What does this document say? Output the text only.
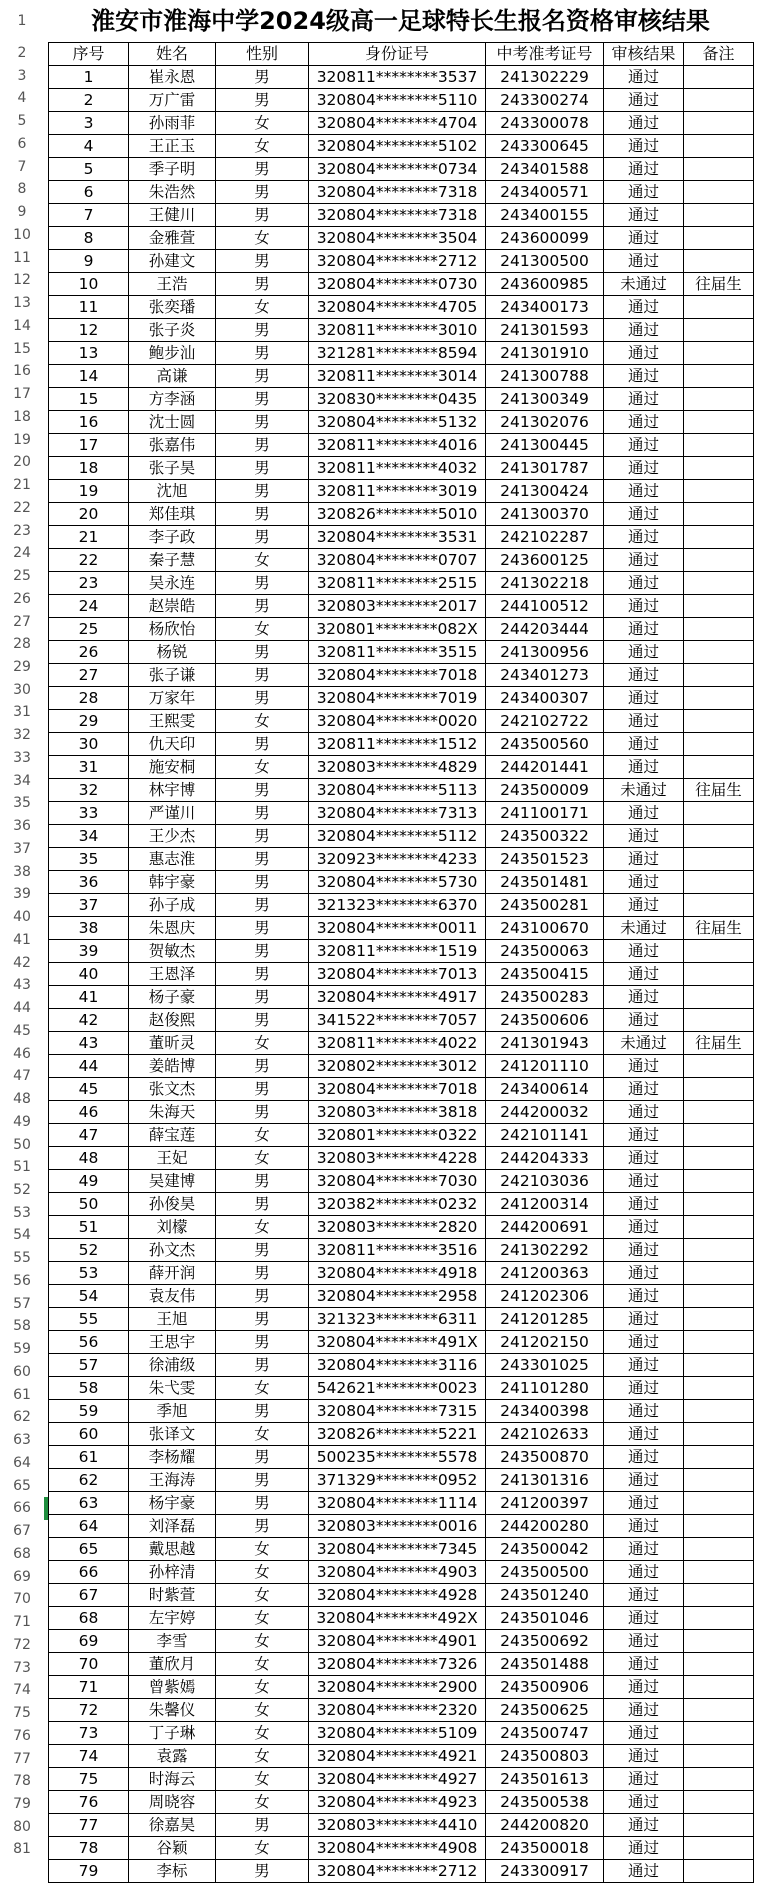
1
2
3
4
5
6
7
8
9
10
11
12
13
14
15
16
17
18
19
20
21
22
23
24
25
26
27
28
29
30
31
32
33
34
35
36
37
38
39
40
41
42
43
44
45
46
47
48
49
50
51
52
53
54
55
56
57
58
59
60
61
62
63
64
65
66
67
68
69
70
71
72
73
74
75
76
77
78
79
80
81
淮安市淮海中学2024级高一足球特长生报名资格审核结果
序号	姓名	性别	身份证号	中考准考证号	审核结果	备注
1	崔永恩	男	320811********3537	241302229	通过	
2	万广雷	男	320804********5110	243300274	通过	
3	孙雨菲	女	320804********4704	243300078	通过	
4	王正玉	女	320804********5102	243300645	通过	
5	季子明	男	320804********0734	243401588	通过	
6	朱浩然	男	320804********7318	243400571	通过	
7	王健川	男	320804********7318	243400155	通过	
8	金雅萱	女	320804********3504	243600099	通过	
9	孙建文	男	320804********2712	241300500	通过	
10	王浩	男	320804********0730	243600985	未通过	往届生
11	张奕璠	女	320804********4705	243400173	通过	
12	张子炎	男	320811********3010	241301593	通过	
13	鲍步汕	男	321281********8594	241301910	通过	
14	高谦	男	320811********3014	241300788	通过	
15	方李涵	男	320830********0435	241300349	通过	
16	沈士圆	男	320804********5132	241302076	通过	
17	张嘉伟	男	320811********4016	241300445	通过	
18	张子昊	男	320811********4032	241301787	通过	
19	沈旭	男	320811********3019	241300424	通过	
20	郑佳琪	男	320826********5010	241300370	通过	
21	李子政	男	320804********3531	242102287	通过	
22	秦子慧	女	320804********0707	243600125	通过	
23	吴永连	男	320811********2515	241302218	通过	
24	赵崇皓	男	320803********2017	244100512	通过	
25	杨欣怡	女	320801********082X	244203444	通过	
26	杨锐	男	320811********3515	241300956	通过	
27	张子谦	男	320804********7018	243401273	通过	
28	万家年	男	320804********7019	243400307	通过	
29	王熙雯	女	320804********0020	242102722	通过	
30	仇天印	男	320811********1512	243500560	通过	
31	施安桐	女	320803********4829	244201441	通过	
32	林宇博	男	320804********5113	243500009	未通过	往届生
33	严谨川	男	320804********7313	241100171	通过	
34	王少杰	男	320804********5112	243500322	通过	
35	惠志淮	男	320923********4233	243501523	通过	
36	韩宇豪	男	320804********5730	243501481	通过	
37	孙子成	男	321323********6370	243500281	通过	
38	朱恩庆	男	320804********0011	243100670	未通过	往届生
39	贺敏杰	男	320811********1519	243500063	通过	
40	王恩泽	男	320804********7013	243500415	通过	
41	杨子豪	男	320804********4917	243500283	通过	
42	赵俊熙	男	341522********7057	243500606	通过	
43	董昕灵	女	320811********4022	241301943	未通过	往届生
44	姜皓博	男	320802********3012	241201110	通过	
45	张文杰	男	320804********7018	243400614	通过	
46	朱海天	男	320803********3818	244200032	通过	
47	薛宝莲	女	320801********0322	242101141	通过	
48	王妃	女	320803********4228	244204333	通过	
49	吴建博	男	320804********7030	242103036	通过	
50	孙俊昊	男	320382********0232	241200314	通过	
51	刘檬	女	320803********2820	244200691	通过	
52	孙文杰	男	320811********3516	241302292	通过	
53	薛开润	男	320804********4918	241200363	通过	
54	袁友伟	男	320804********2958	241202306	通过	
55	王旭	男	321323********6311	241201285	通过	
56	王思宇	男	320804********491X	241202150	通过	
57	徐浦级	男	320804********3116	243301025	通过	
58	朱弋雯	女	542621********0023	241101280	通过	
59	季旭	男	320804********7315	243400398	通过	
60	张译文	女	320826********5221	242102633	通过	
61	李杨耀	男	500235********5578	243500870	通过	
62	王海涛	男	371329********0952	241301316	通过	
63	杨宇豪	男	320804********1114	241200397	通过	
64	刘泽磊	男	320803********0016	244200280	通过	
65	戴思越	女	320804********7345	243500042	通过	
66	孙梓清	女	320804********4903	243500500	通过	
67	时紫萱	女	320804********4928	243501240	通过	
68	左宇婷	女	320804********492X	243501046	通过	
69	李雪	女	320804********4901	243500692	通过	
70	董欣月	女	320804********7326	243501488	通过	
71	曾紫嫣	女	320804********2900	243500906	通过	
72	朱馨仪	女	320804********2320	243500625	通过	
73	丁子琳	女	320804********5109	243500747	通过	
74	袁露	女	320804********4921	243500803	通过	
75	时海云	女	320804********4927	243501613	通过	
76	周晓容	女	320804********4923	243500538	通过	
77	徐嘉昊	男	320803********4410	244200820	通过	
78	谷颖	女	320804********4908	243500018	通过	
79	李标	男	320804********2712	243300917	通过	
